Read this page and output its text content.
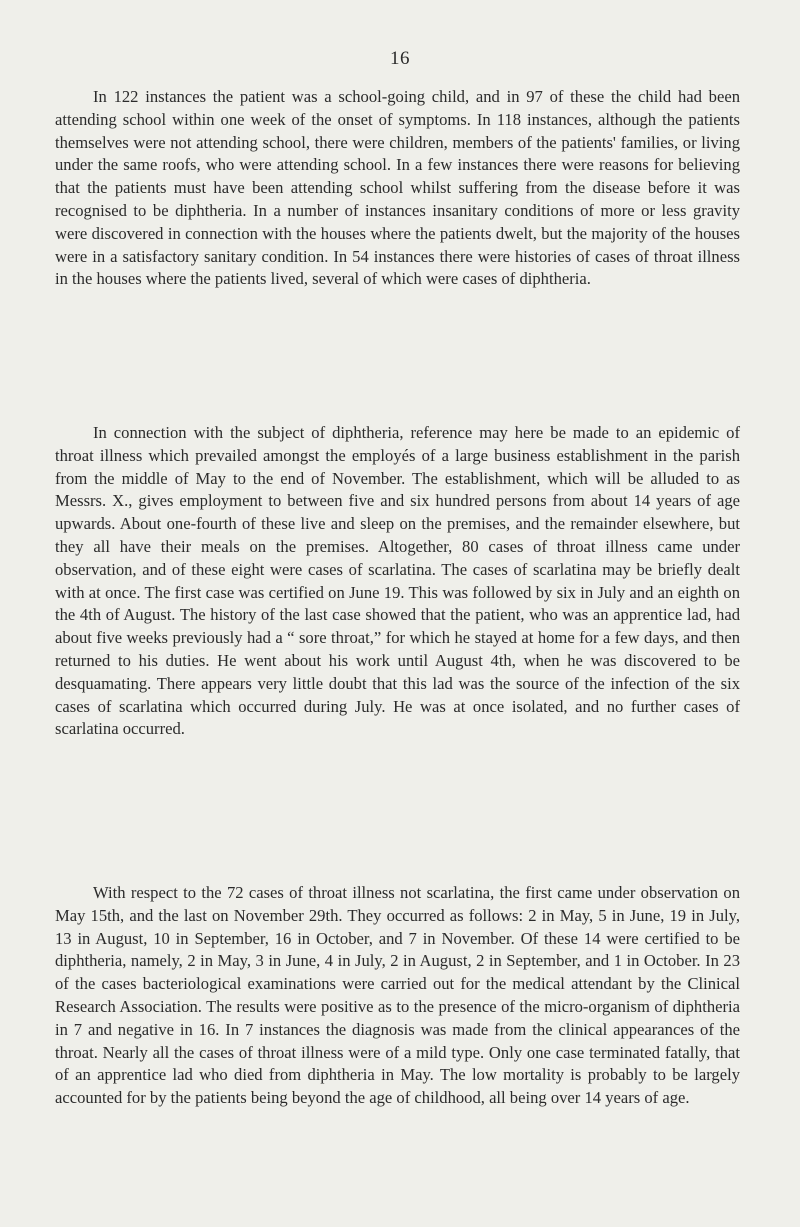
16

In 122 instances the patient was a school-going child, and in 97 of these the child had been attending school within one week of the onset of symptoms. In 118 instances, although the patients themselves were not attending school, there were children, members of the patients' families, or living under the same roofs, who were attending school. In a few instances there were reasons for believing that the patients must have been attending school whilst suffering from the disease before it was recognised to be diphtheria. In a number of instances insanitary conditions of more or less gravity were discovered in connection with the houses where the patients dwelt, but the majority of the houses were in a satisfactory sanitary condition. In 54 instances there were histories of cases of throat illness in the houses where the patients lived, several of which were cases of diphtheria.

In connection with the subject of diphtheria, reference may here be made to an epidemic of throat illness which prevailed amongst the employés of a large business establishment in the parish from the middle of May to the end of November. The establishment, which will be alluded to as Messrs. X., gives employment to between five and six hundred persons from about 14 years of age upwards. About one-fourth of these live and sleep on the premises, and the remainder elsewhere, but they all have their meals on the premises. Altogether, 80 cases of throat illness came under observation, and of these eight were cases of scarlatina. The cases of scarlatina may be briefly dealt with at once. The first case was certified on June 19. This was followed by six in July and an eighth on the 4th of August. The history of the last case showed that the patient, who was an apprentice lad, had about five weeks previously had a “ sore throat,” for which he stayed at home for a few days, and then returned to his duties. He went about his work until August 4th, when he was discovered to be desquamating. There appears very little doubt that this lad was the source of the infection of the six cases of scarlatina which occurred during July. He was at once isolated, and no further cases of scarlatina occurred.

With respect to the 72 cases of throat illness not scarlatina, the first came under observation on May 15th, and the last on November 29th. They occurred as follows: 2 in May, 5 in June, 19 in July, 13 in August, 10 in September, 16 in October, and 7 in November. Of these 14 were certified to be diphtheria, namely, 2 in May, 3 in June, 4 in July, 2 in August, 2 in September, and 1 in October. In 23 of the cases bacteriological examinations were carried out for the medical attendant by the Clinical Research Association. The results were positive as to the presence of the micro-organism of diphtheria in 7 and negative in 16. In 7 instances the diagnosis was made from the clinical appearances of the throat. Nearly all the cases of throat illness were of a mild type. Only one case terminated fatally, that of an apprentice lad who died from diphtheria in May. The low mortality is probably to be largely accounted for by the patients being beyond the age of childhood, all being over 14 years of age.
